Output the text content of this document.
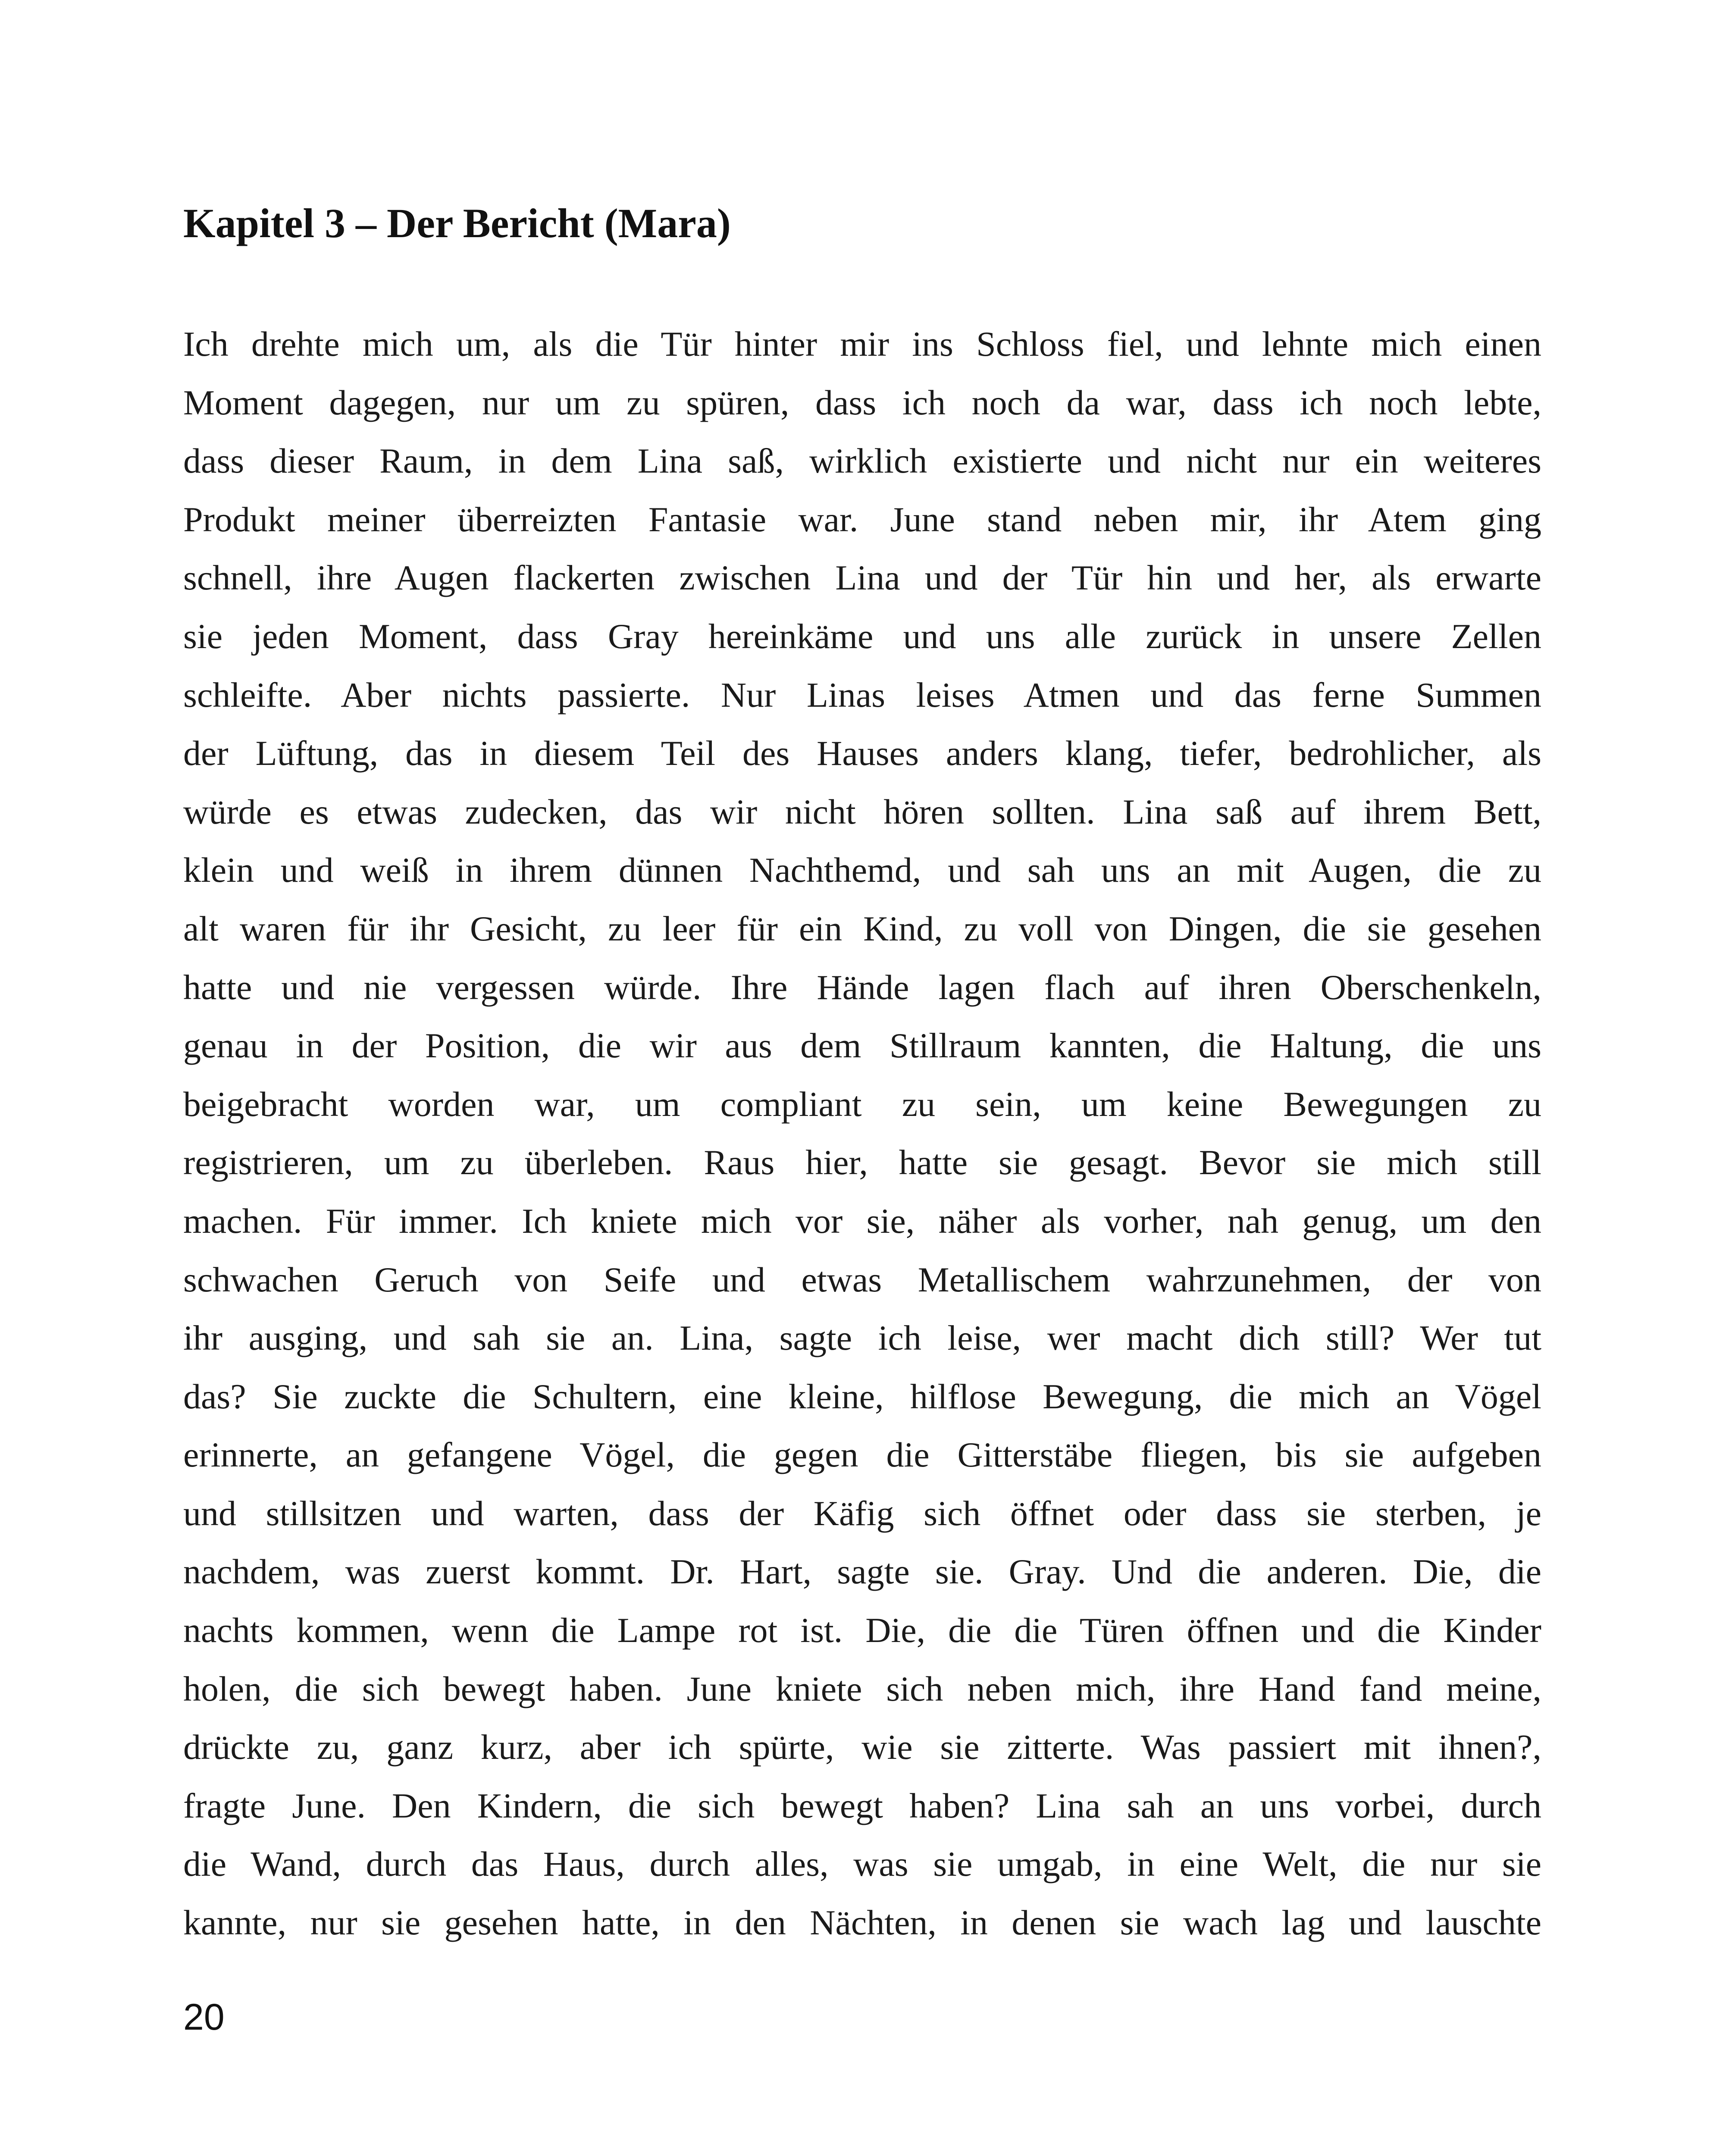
Kapitel 3 – Der Bericht (Mara)
Ich drehte mich um, als die Tür hinter mir ins Schloss fiel, und lehnte mich einen
Moment dagegen, nur um zu spüren, dass ich noch da war, dass ich noch lebte,
dass dieser Raum, in dem Lina saß, wirklich existierte und nicht nur ein weiteres
Produkt meiner überreizten Fantasie war. June stand neben mir, ihr Atem ging
schnell, ihre Augen flackerten zwischen Lina und der Tür hin und her, als erwarte
sie jeden Moment, dass Gray hereinkäme und uns alle zurück in unsere Zellen
schleifte. Aber nichts passierte. Nur Linas leises Atmen und das ferne Summen
der Lüftung, das in diesem Teil des Hauses anders klang, tiefer, bedrohlicher, als
würde es etwas zudecken, das wir nicht hören sollten. Lina saß auf ihrem Bett,
klein und weiß in ihrem dünnen Nachthemd, und sah uns an mit Augen, die zu
alt waren für ihr Gesicht, zu leer für ein Kind, zu voll von Dingen, die sie gesehen
hatte und nie vergessen würde. Ihre Hände lagen flach auf ihren Oberschenkeln,
genau in der Position, die wir aus dem Stillraum kannten, die Haltung, die uns
beigebracht worden war, um compliant zu sein, um keine Bewegungen zu
registrieren, um zu überleben. Raus hier, hatte sie gesagt. Bevor sie mich still
machen. Für immer. Ich kniete mich vor sie, näher als vorher, nah genug, um den
schwachen Geruch von Seife und etwas Metallischem wahrzunehmen, der von
ihr ausging, und sah sie an. Lina, sagte ich leise, wer macht dich still? Wer tut
das? Sie zuckte die Schultern, eine kleine, hilflose Bewegung, die mich an Vögel
erinnerte, an gefangene Vögel, die gegen die Gitterstäbe fliegen, bis sie aufgeben
und stillsitzen und warten, dass der Käfig sich öffnet oder dass sie sterben, je
nachdem, was zuerst kommt. Dr. Hart, sagte sie. Gray. Und die anderen. Die, die
nachts kommen, wenn die Lampe rot ist. Die, die die Türen öffnen und die Kinder
holen, die sich bewegt haben. June kniete sich neben mich, ihre Hand fand meine,
drückte zu, ganz kurz, aber ich spürte, wie sie zitterte. Was passiert mit ihnen?,
fragte June. Den Kindern, die sich bewegt haben? Lina sah an uns vorbei, durch
die Wand, durch das Haus, durch alles, was sie umgab, in eine Welt, die nur sie
kannte, nur sie gesehen hatte, in den Nächten, in denen sie wach lag und lauschte
20
